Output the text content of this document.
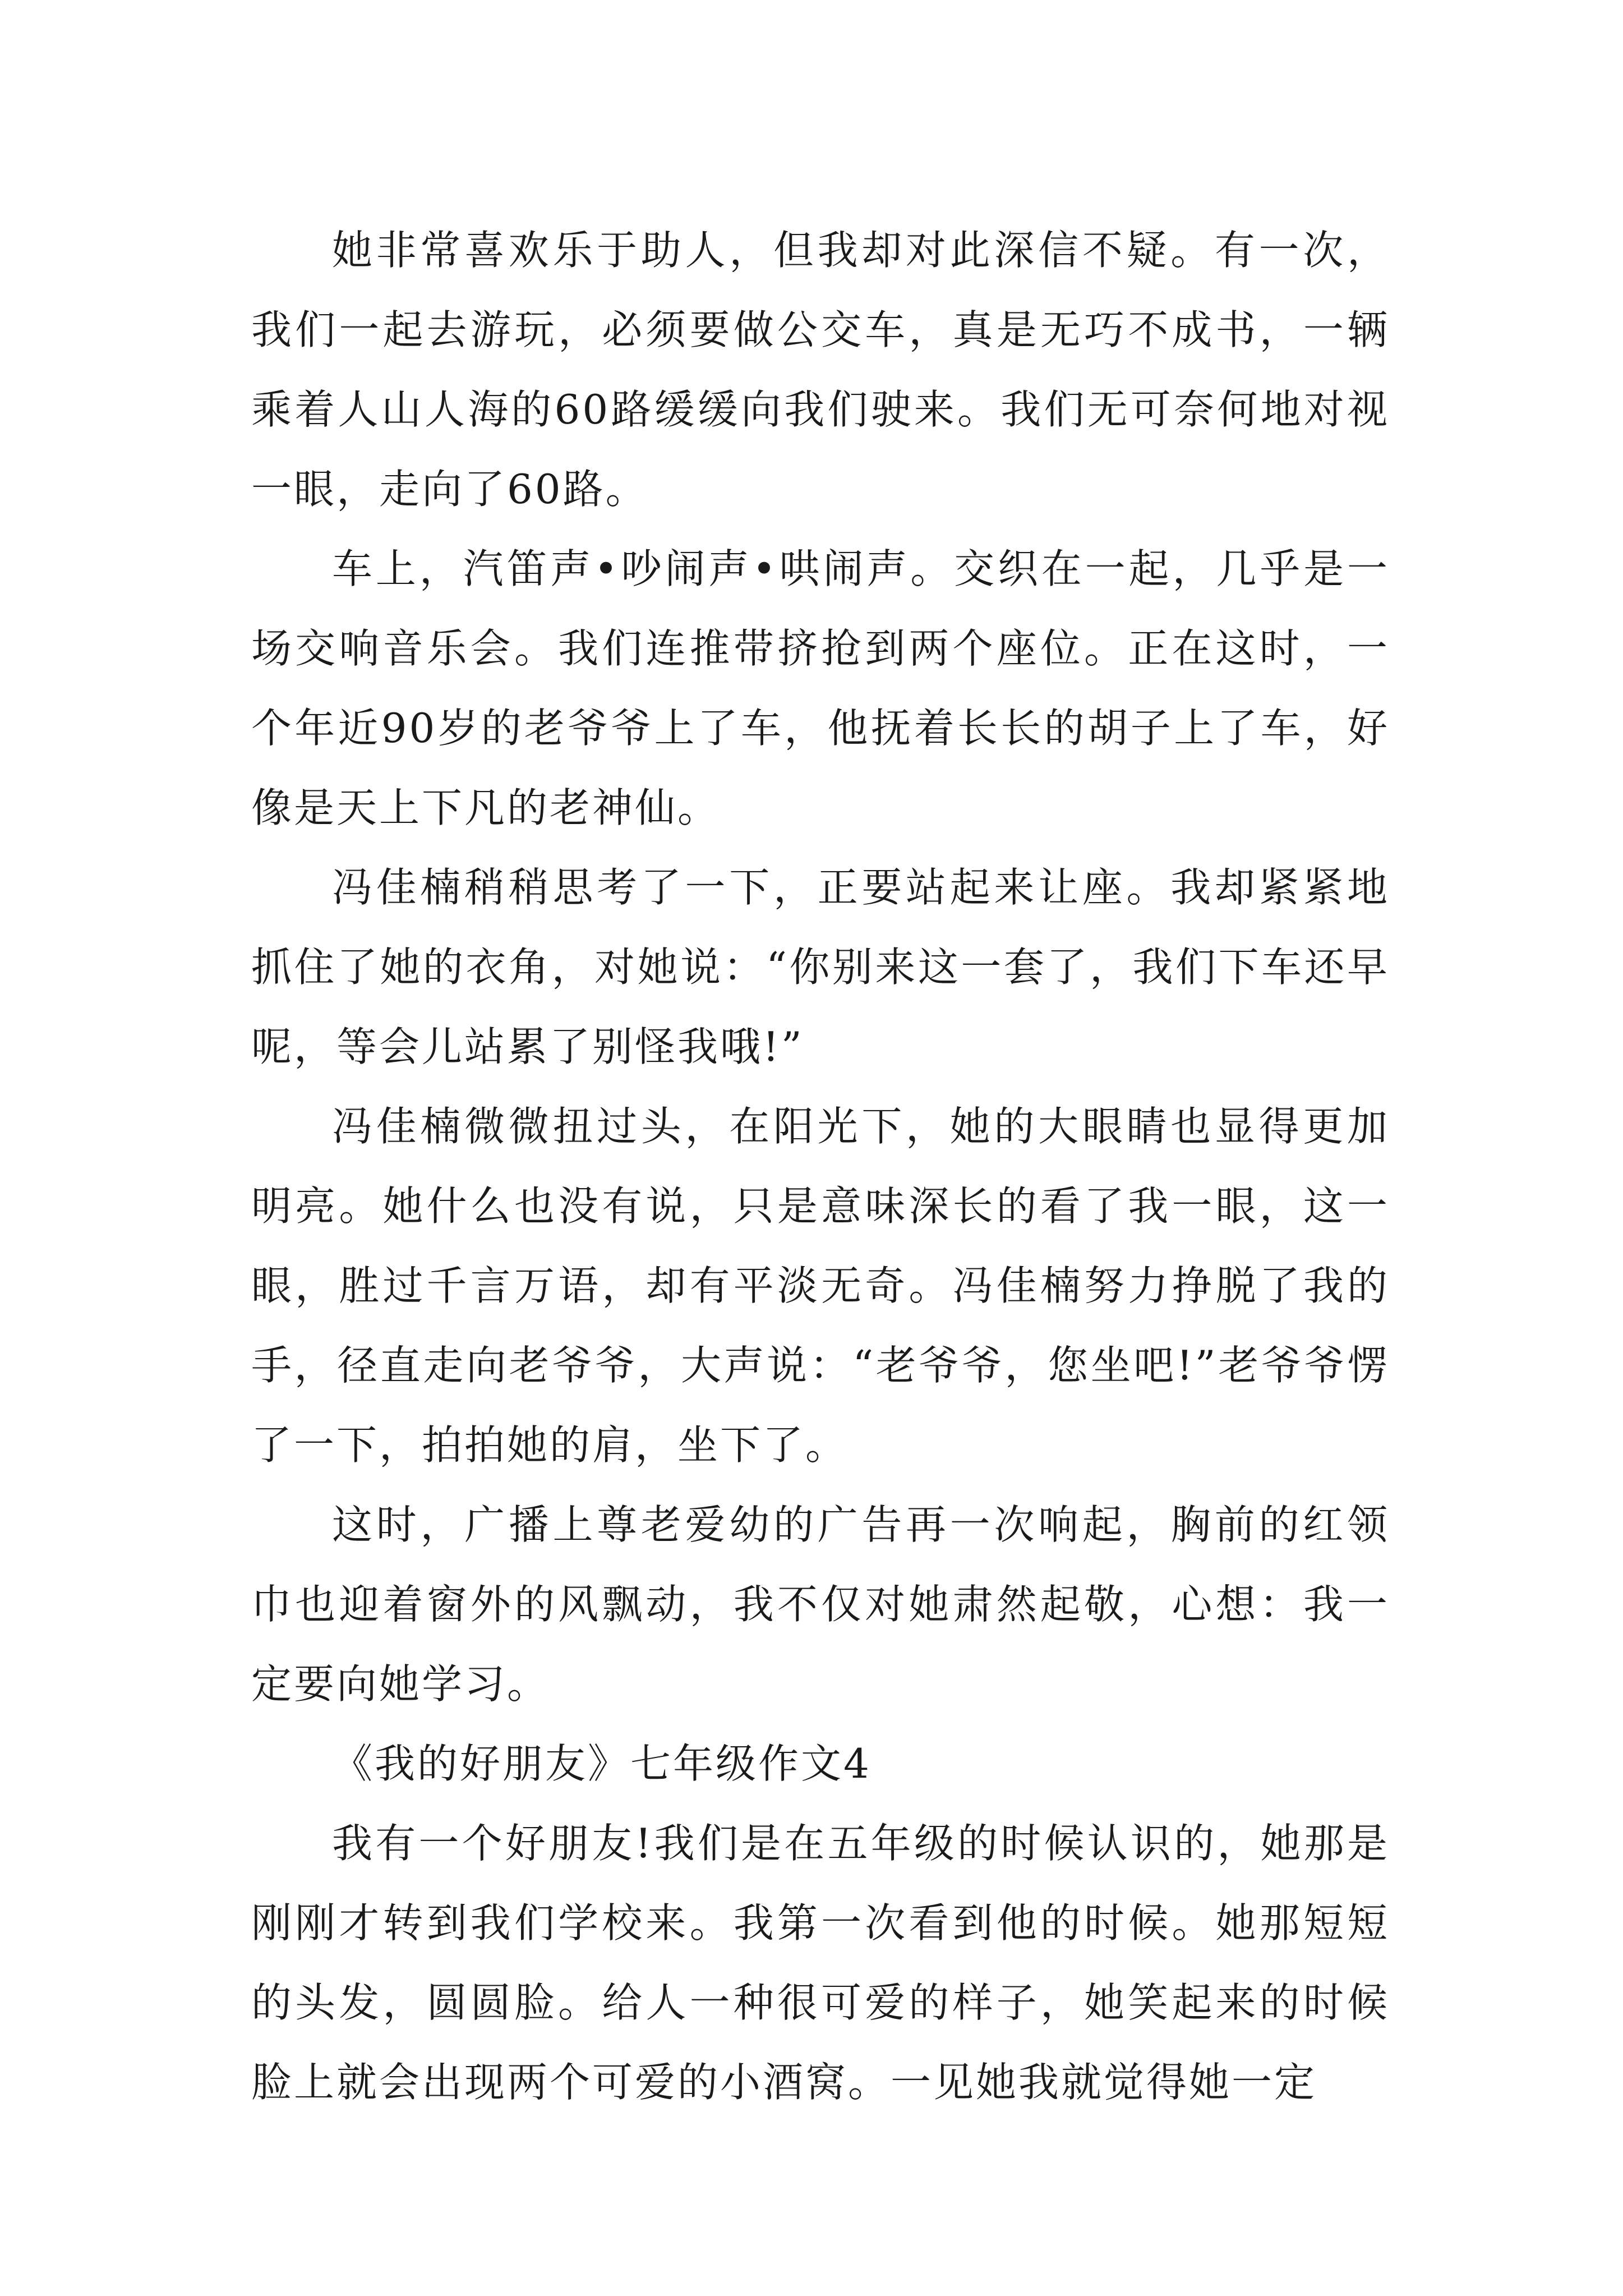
她非常喜欢乐于助人，但我却对此深信不疑。有一次，我们一起去游玩，必须要做公交车，真是无巧不成书，一辆乘着人山人海的60路缓缓向我们驶来。我们无可奈何地对视一眼，走向了60路。

车上，汽笛声•吵闹声•哄闹声。交织在一起，几乎是一场交响音乐会。我们连推带挤抢到两个座位。正在这时，一个年近90岁的老爷爷上了车，他抚着长长的胡子上了车，好像是天上下凡的老神仙。

冯佳楠稍稍思考了一下，正要站起来让座。我却紧紧地抓住了她的衣角，对她说：“你别来这一套了，我们下车还早呢，等会儿站累了别怪我哦!”

冯佳楠微微扭过头，在阳光下，她的大眼睛也显得更加明亮。她什么也没有说，只是意味深长的看了我一眼，这一眼，胜过千言万语，却有平淡无奇。冯佳楠努力挣脱了我的手，径直走向老爷爷，大声说：“老爷爷，您坐吧!”老爷爷愣了一下，拍拍她的肩，坐下了。

这时，广播上尊老爱幼的广告再一次响起，胸前的红领巾也迎着窗外的风飘动，我不仅对她肃然起敬，心想：我一定要向她学习。

《我的好朋友》七年级作文4

我有一个好朋友!我们是在五年级的时候认识的，她那是刚刚才转到我们学校来。我第一次看到他的时候。她那短短的头发，圆圆脸。给人一种很可爱的样子，她笑起来的时候脸上就会出现两个可爱的小酒窝。一见她我就觉得她一定
